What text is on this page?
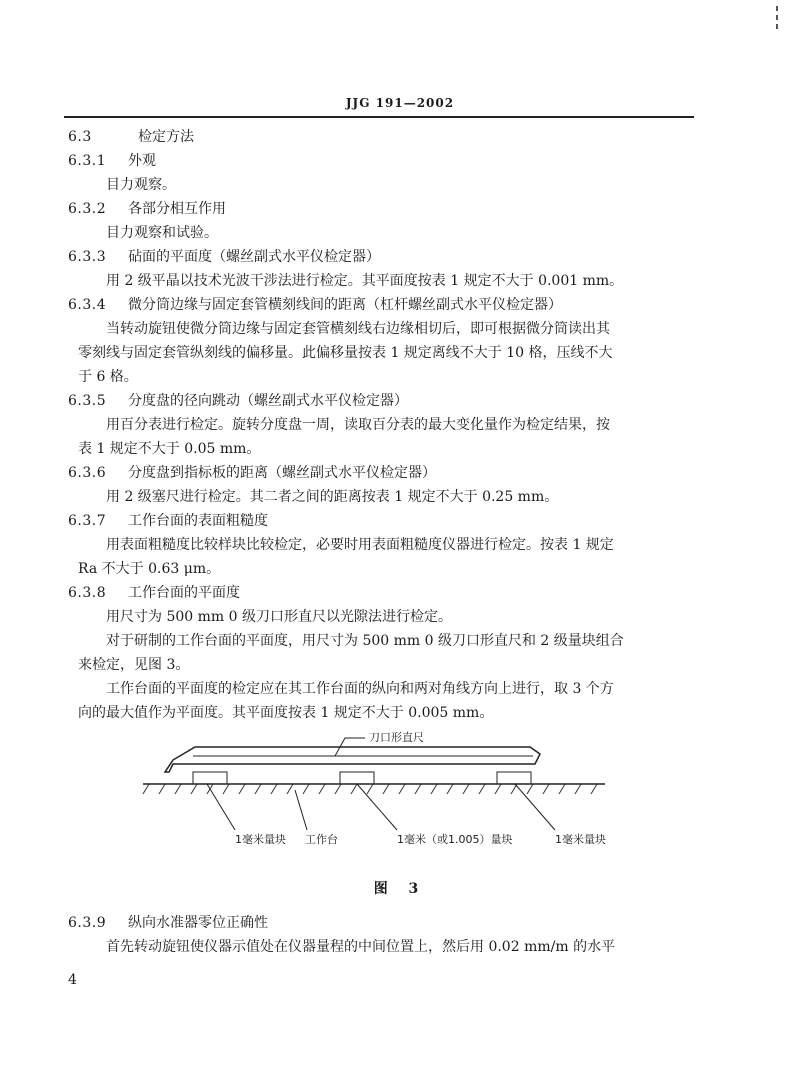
JJG 191—2002
6.3	检定方法
6.3.1 外观
目力观察。
6.3.2 各部分相互作用
目力观察和试验。
6.3.3 砧面的平面度（螺丝副式水平仪检定器）
用 2 级平晶以技术光波干涉法进行检定。其平面度按表 1 规定不大于 0.001 mm。
6.3.4 微分筒边缘与固定套管横刻线间的距离（杠杆螺丝副式水平仪检定器）
当转动旋钮使微分筒边缘与固定套管横刻线右边缘相切后，即可根据微分筒读出其
零刻线与固定套管纵刻线的偏移量。此偏移量按表 1 规定离线不大于 10 格，压线不大
于 6 格。
6.3.5 分度盘的径向跳动（螺丝副式水平仪检定器）
用百分表进行检定。旋转分度盘一周，读取百分表的最大变化量作为检定结果，按
表 1 规定不大于 0.05 mm。
6.3.6 分度盘到指标板的距离（螺丝副式水平仪检定器）
用 2 级塞尺进行检定。其二者之间的距离按表 1 规定不大于 0.25 mm。
6.3.7 工作台面的表面粗糙度
用表面粗糙度比较样块比较检定，必要时用表面粗糙度仪器进行检定。按表 1 规定
Ra 不大于 0.63 μm。
6.3.8 工作台面的平面度
用尺寸为 500 mm 0 级刀口形直尺以光隙法进行检定。
对于研制的工作台面的平面度，用尺寸为 500 mm 0 级刀口形直尺和 2 级量块组合
来检定，见图 3。
工作台面的平面度的检定应在其工作台面的纵向和两对角线方向上进行，取 3 个方
向的最大值作为平面度。其平面度按表 1 规定不大于 0.005 mm。
刀口形直尺
1毫米量块 工作台	1毫米（或1.005）量块	1毫米量块
图 3
6.3.9 纵向水准器零位正确性
首先转动旋钮使仪器示值处在仪器量程的中间位置上，然后用 0.02 mm/m 的水平
4
